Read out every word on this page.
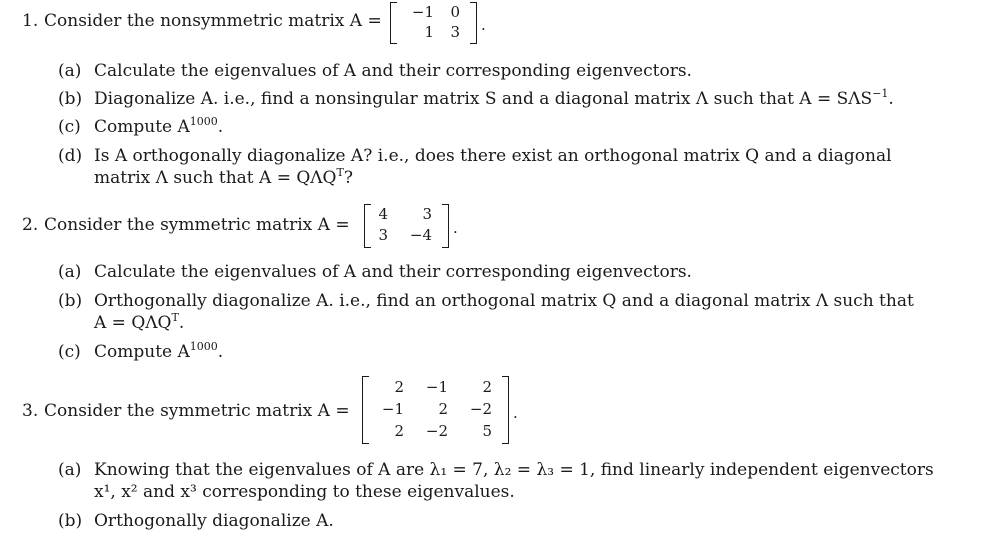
1. Consider the nonsymmetric matrix A = −1	0
1	3 .
(a) Calculate the eigenvalues of A and their corresponding eigenvectors.
(b) Diagonalize A. i.e., find a nonsingular matrix S and a diagonal matrix Λ such that $A = S\Lambda S^{-1}$.
(c) Compute $A^{1000}$.
(d) Is A orthogonally diagonalize A? i.e., does there exist an orthogonal matrix Q and a diagonal
matrix Λ such that $A = Q\Lambda Q^T$?
2. Consider the symmetric matrix A =
4	3
3 −4 .
(a) Calculate the eigenvalues of A and their corresponding eigenvectors.
(b) Orthogonally diagonalize A. i.e., find an orthogonal matrix Q and a diagonal matrix Λ such that
$A = Q\Lambda Q^T$.
(c) Compute $A^{1000}$.
3. Consider the symmetric matrix A =
2 −1	2
−1	2 −2
2 −2	5
.
(a) Knowing that the eigenvalues of A are λ₁ = 7, λ₂ = λ₃ = 1, find linearly independent eigenvectors
x¹, x² and x³ corresponding to these eigenvalues.
(b) Orthogonally diagonalize A.
